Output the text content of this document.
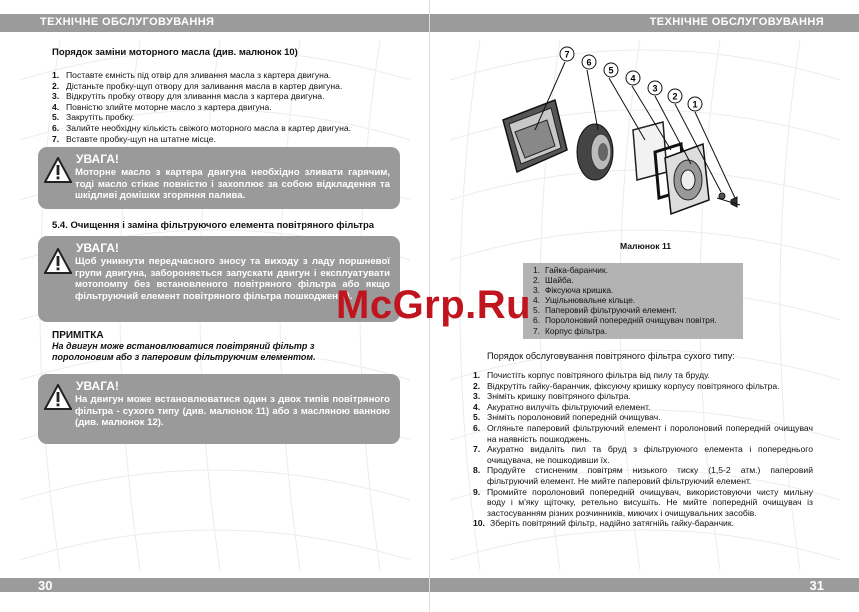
ТЕХНІЧНЕ ОБСЛУГОВУВАННЯ
Порядок заміни моторного масла (див. малюнок 10)
1. Поставте ємність під отвір для зливання масла з картера двигуна.
2. Дістаньте пробку-щуп отвору для заливання масла в картер двигуна.
3. Відкрутіть пробку отвору для зливання масла з картера двигуна.
4. Повністю злийте моторне масло з картера двигуна.
5. Закрутіть пробку.
6. Залийте необхідну кількість свіжого моторного масла в картер двигуна.
7. Вставте пробку-щуп на штатне місце.
УВАГА!
Моторне масло з картера двигуна необхідно зливати гарячим, тоді масло стікає повністю і захоплює за собою відкладення та шкідливі домішки згоряння палива.
5.4. Очищення і заміна фільтруючого елемента повітряного фільтра
УВАГА!
Щоб уникнути передчасного зносу та виходу з ладу поршневої групи двигуна, забороняється запускати двигун і експлуатувати мотопомпу без встановленого повітряного фільтра або якщо фільтруючий елемент повітряного фільтра пошкоджений.
ПРИМІТКА
На двигун може встановлюватися повітряний фільтр з поролоновим або з паперовим фільтруючим елементом.
УВАГА!
На двигун може встановлюватися один з двох типів повітряного фільтра - сухого типу (див. малюнок 11) або з масляною ванною (див. малюнок 12).
30
ТЕХНІЧНЕ ОБСЛУГОВУВАННЯ
7
6
5
4
3
2
1
Малюнок 11
1. Гайка-баранчик.
2. Шайба.
3. Фіксуюча кришка.
4. Ущільнювальне кільце.
5. Паперовий фільтруючий елемент.
6. Поролоновий попередній очищувач повітря.
7. Корпус фільтра.
Порядок обслуговування повітряного фільтра сухого типу:
1. Почистіть корпус повітряного фільтра від пилу та бруду.
2. Відкрутіть гайку-баранчик, фіксуючу кришку корпусу повітряного фільтра.
3. Зніміть кришку повітряного фільтра.
4. Акуратно вилучіть фільтруючий елемент.
5. Зніміть поролоновий попередній очищувач.
6. Огляньте паперовий фільтруючий елемент і поролоновий попередній очищувач на наявність пошкоджень.
7. Акуратно видаліть пил та бруд з фільтруючого елемента і попереднього очищувача, не пошкодивши їх.
8. Продуйте стисненим повітрям низького тиску (1,5-2 атм.) паперовий фільтруючий елемент. Не мийте паперовий фільтруючий елемент.
9. Промийте поролоновий попередній очищувач, використовуючи чисту мильну воду і м'яку щіточку, ретельно висушіть. Не мийте попередній очищувач із застосуванням різних розчинників, миючих і очищувальних засобів.
10. Зберіть повітряний фільтр, надійно затягнійь гайку-баранчик.
31
McGrp.Ru
